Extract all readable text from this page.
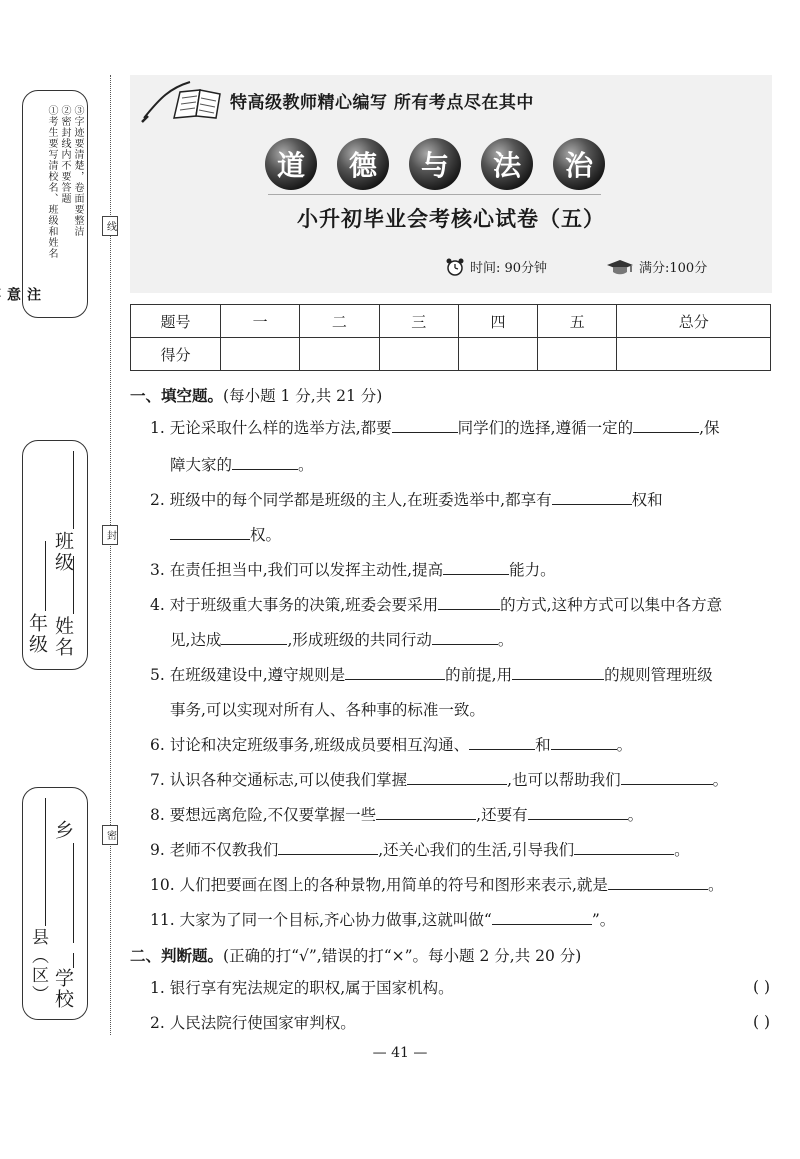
①考生要写清校名、班级和姓名 ②密封线内不要答题 ③字迹要清楚，卷面要整洁
注意
班级
年级 姓名
乡
县（区） 学校
线
封
密
特高级教师精心编写 所有考点尽在其中
道	德	与	法	治
小升初毕业会考核心试卷（五）
时间: 90分钟	满分:100分
题号	一	二	三	四	五	总分
得分						
一、填空题。(每小题 1 分,共 21 分)
1. 无论采取什么样的选举方法,都要	同学们的选择,遵循一定的	,保
障大家的	。
2. 班级中的每个同学都是班级的主人,在班委选举中,都享有	权和
权。
3. 在责任担当中,我们可以发挥主动性,提高	能力。
4. 对于班级重大事务的决策,班委会要采用	的方式,这种方式可以集中各方意
见,达成	,形成班级的共同行动	。
5. 在班级建设中,遵守规则是	的前提,用	的规则管理班级
事务,可以实现对所有人、各种事的标准一致。
6. 讨论和决定班级事务,班级成员要相互沟通、	和	。
7. 认识各种交通标志,可以使我们掌握	,也可以帮助我们	。
8. 要想远离危险,不仅要掌握一些	,还要有	。
9. 老师不仅教我们	,还关心我们的生活,引导我们	。
10. 人们把要画在图上的各种景物,用简单的符号和图形来表示,就是	。
11. 大家为了同一个目标,齐心协力做事,这就叫做“	”。
二、判断题。(正确的打“√”,错误的打“×”。每小题 2 分,共 20 分)
1. 银行享有宪法规定的职权,属于国家机构。	( )
2. 人民法院行使国家审判权。	( )
— 41 —
